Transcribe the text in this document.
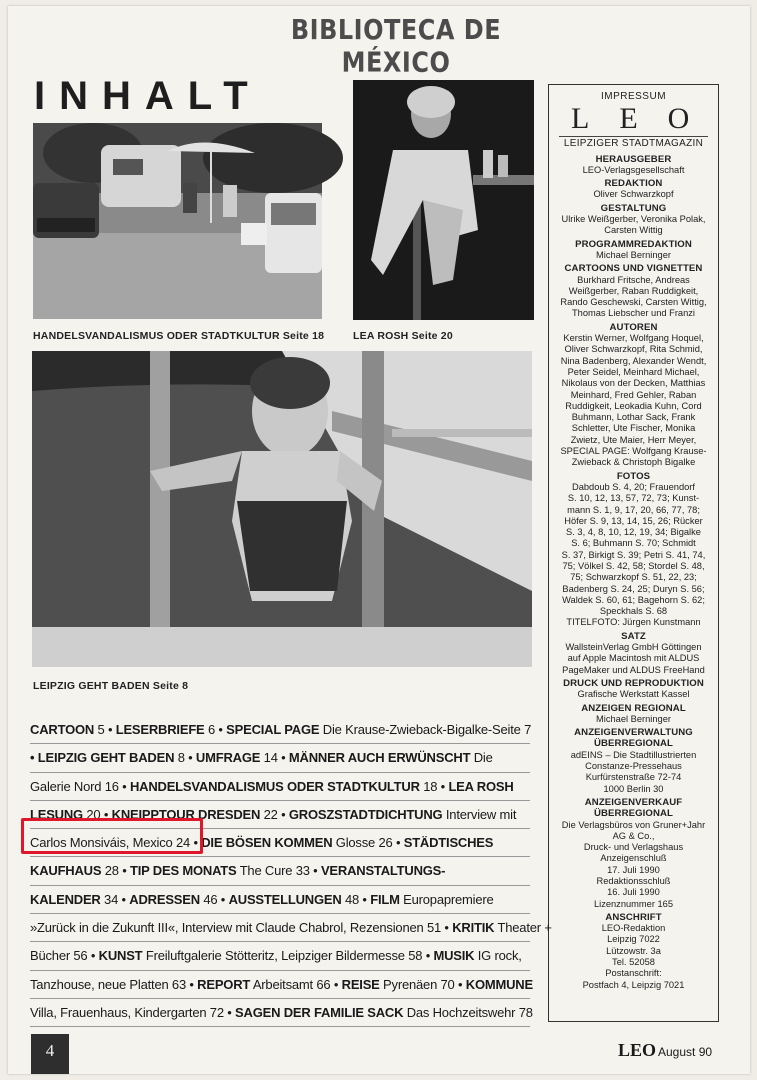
BIBLIOTECA DE MÉXICO
INHALT
HANDELSVANDALISMUS ODER STADTKULTUR Seite 18	LEA ROSH Seite 20
LEIPZIG GEHT BADEN Seite 8
IMPRESSUM
LEO
LEIPZIGER STADTMAGAZIN
HERAUSGEBER
LEO-Verlagsgesellschaft
REDAKTION
Oliver Schwarzkopf
GESTALTUNG
Ulrike Weißgerber, Veronika Polak,
Carsten Wittig
PROGRAMMREDAKTION
Michael Berninger
CARTOONS UND VIGNETTEN
Burkhard Fritsche, Andreas
Weißgerber, Raban Ruddigkeit,
Rando Geschewski, Carsten Wittig,
Thomas Liebscher und Franzi
AUTOREN
Kerstin Werner, Wolfgang Hoquel,
Oliver Schwarzkopf, Rita Schmid,
Nina Badenberg, Alexander Wendt,
Peter Seidel, Meinhard Michael,
Nikolaus von der Decken, Matthias
Meinhard, Fred Gehler, Raban
Ruddigkeit, Leokadia Kuhn, Cord
Buhmann, Lothar Sack, Frank
Schletter, Ute Fischer, Monika
Zwietz, Ute Maier, Herr Meyer,
SPECIAL PAGE: Wolfgang Krause-
Zwieback & Christoph Bigalke
FOTOS
Dabdoub S. 4, 20; Frauendorf
S. 10, 12, 13, 57, 72, 73; Kunst-
mann S. 1, 9, 17, 20, 66, 77, 78;
Höfer S. 9, 13, 14, 15, 26; Rücker
S. 3, 4, 8, 10, 12, 19, 34; Bigalke
S. 6; Buhmann S. 70; Schmidt
S. 37, Birkigt S. 39; Petri S. 41, 74,
75; Völkel S. 42, 58; Stordel S. 48,
75; Schwarzkopf S. 51, 22, 23;
Badenberg S. 24, 25; Duryn S. 56;
Waldek S. 60, 61; Bagehorn S. 62;
Speckhals S. 68
TITELFOTO: Jürgen Kunstmann
SATZ
WallsteinVerlag GmbH Göttingen
auf Apple Macintosh mit ALDUS
PageMaker und ALDUS FreeHand
DRUCK UND REPRODUKTION
Grafische Werkstatt Kassel
ANZEIGEN REGIONAL
Michael Berninger
ANZEIGENVERWALTUNG ÜBERREGIONAL
adEINS – Die Stadtillustrierten
Constanze-Pressehaus
Kurfürstenstraße 72-74
1000 Berlin 30
ANZEIGENVERKAUF ÜBERREGIONAL
Die Verlagsbüros von Gruner+Jahr
AG & Co.,
Druck- und Verlagshaus
Anzeigenschluß
17. Juli 1990
Redaktionsschluß
16. Juli 1990
Lizenznummer 165
ANSCHRIFT
LEO-Redaktion
Leipzig 7022
Lützowstr. 3a
Tel. 52058
Postanschrift:
Postfach 4, Leipzig 7021
CARTOON 5 • LESERBRIEFE 6 • SPECIAL PAGE Die Krause-Zwieback-Bigalke-Seite 7
• LEIPZIG GEHT BADEN 8 • UMFRAGE 14 • MÄNNER AUCH ERWÜNSCHT Die
Galerie Nord 16 • HANDELSVANDALISMUS ODER STADTKULTUR 18 • LEA ROSH
LESUNG 20 • KNEIPPTOUR DRESDEN 22 • GROSZSTADTDICHTUNG Interview mit
Carlos Monsiváis, Mexico 24 • DIE BÖSEN KOMMEN Glosse 26 • STÄDTISCHES
KAUFHAUS 28 • TIP DES MONATS The Cure 33 • VERANSTALTUNGS-
KALENDER 34 • ADRESSEN 46 • AUSSTELLUNGEN 48 • FILM Europapremiere
»Zurück in die Zukunft III«, Interview mit Claude Chabrol, Rezensionen 51 • KRITIK Theater +
Bücher 56 • KUNST Freiluftgalerie Stötteritz, Leipziger Bildermesse 58 • MUSIK IG rock,
Tanzhouse, neue Platten 63 • REPORT Arbeitsamt 66 • REISE Pyrenäen 70 • KOMMUNE
Villa, Frauenhaus, Kindergarten 72 • SAGEN DER FAMILIE SACK Das Hochzeitswehr 78
4	LEO August 90
